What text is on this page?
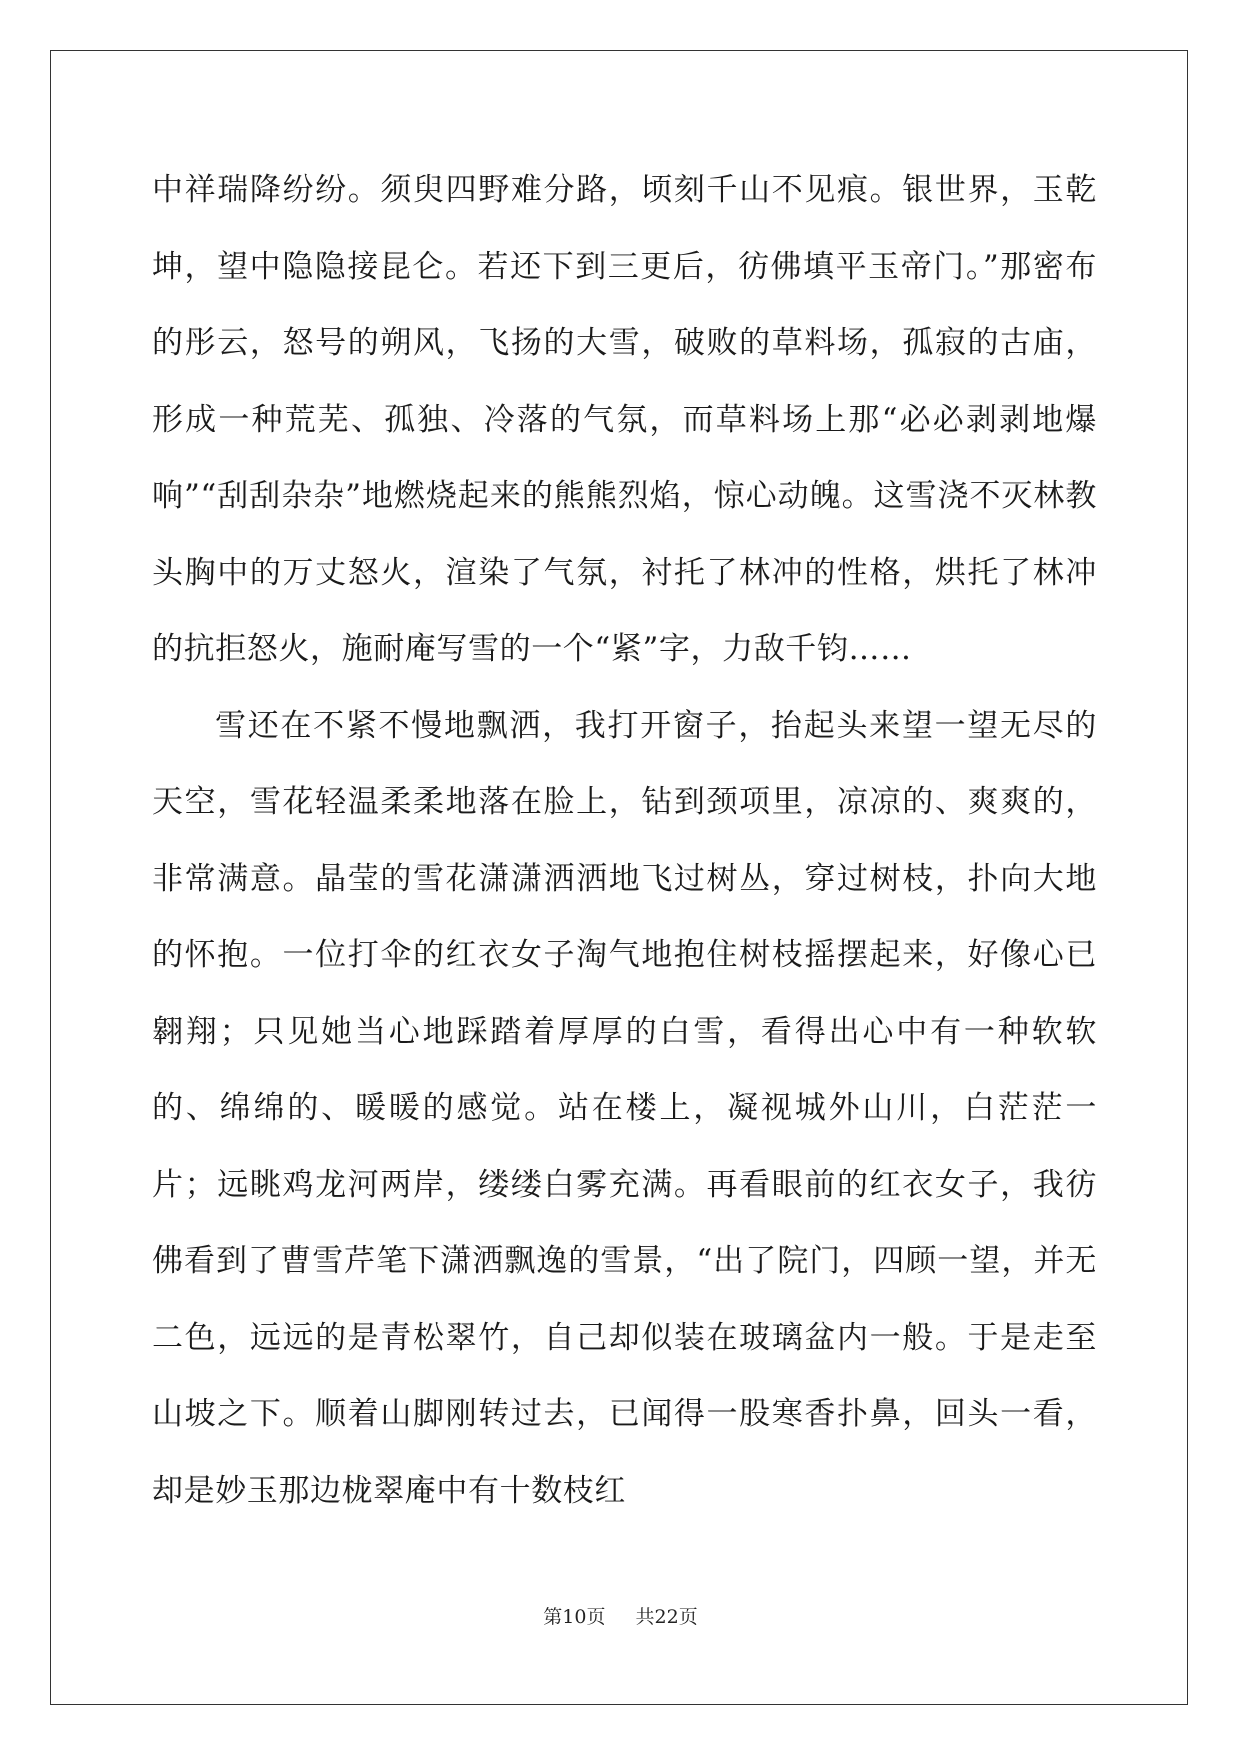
中祥瑞降纷纷。须臾四野难分路，顷刻千山不见痕。银世界，玉乾坤，望中隐隐接昆仑。若还下到三更后，彷佛填平玉帝门。”那密布的彤云，怒号的朔风，飞扬的大雪，破败的草料场，孤寂的古庙，形成一种荒芜、孤独、冷落的气氛，而草料场上那“必必剥剥地爆响”“刮刮杂杂”地燃烧起来的熊熊烈焰，惊心动魄。这雪浇不灭林教头胸中的万丈怒火，渲染了气氛，衬托了林冲的性格，烘托了林冲的抗拒怒火，施耐庵写雪的一个“紧”字，力敌千钧……

雪还在不紧不慢地飘洒，我打开窗子，抬起头来望一望无尽的天空，雪花轻温柔柔地落在脸上，钻到颈项里，凉凉的、爽爽的，非常满意。晶莹的雪花潇潇洒洒地飞过树丛，穿过树枝，扑向大地的怀抱。一位打伞的红衣女子淘气地抱住树枝摇摆起来，好像心已翱翔；只见她当心地踩踏着厚厚的白雪，看得出心中有一种软软的、绵绵的、暖暖的感觉。站在楼上，凝视城外山川，白茫茫一片；远眺鸡龙河两岸，缕缕白雾充满。再看眼前的红衣女子，我彷佛看到了曹雪芹笔下潇洒飘逸的雪景，“出了院门，四顾一望，并无二色，远远的是青松翠竹，自己却似装在玻璃盆内一般。于是走至山坡之下。顺着山脚刚转过去，已闻得一股寒香扑鼻，回头一看，却是妙玉那边栊翠庵中有十数枝红

第10页 共22页
